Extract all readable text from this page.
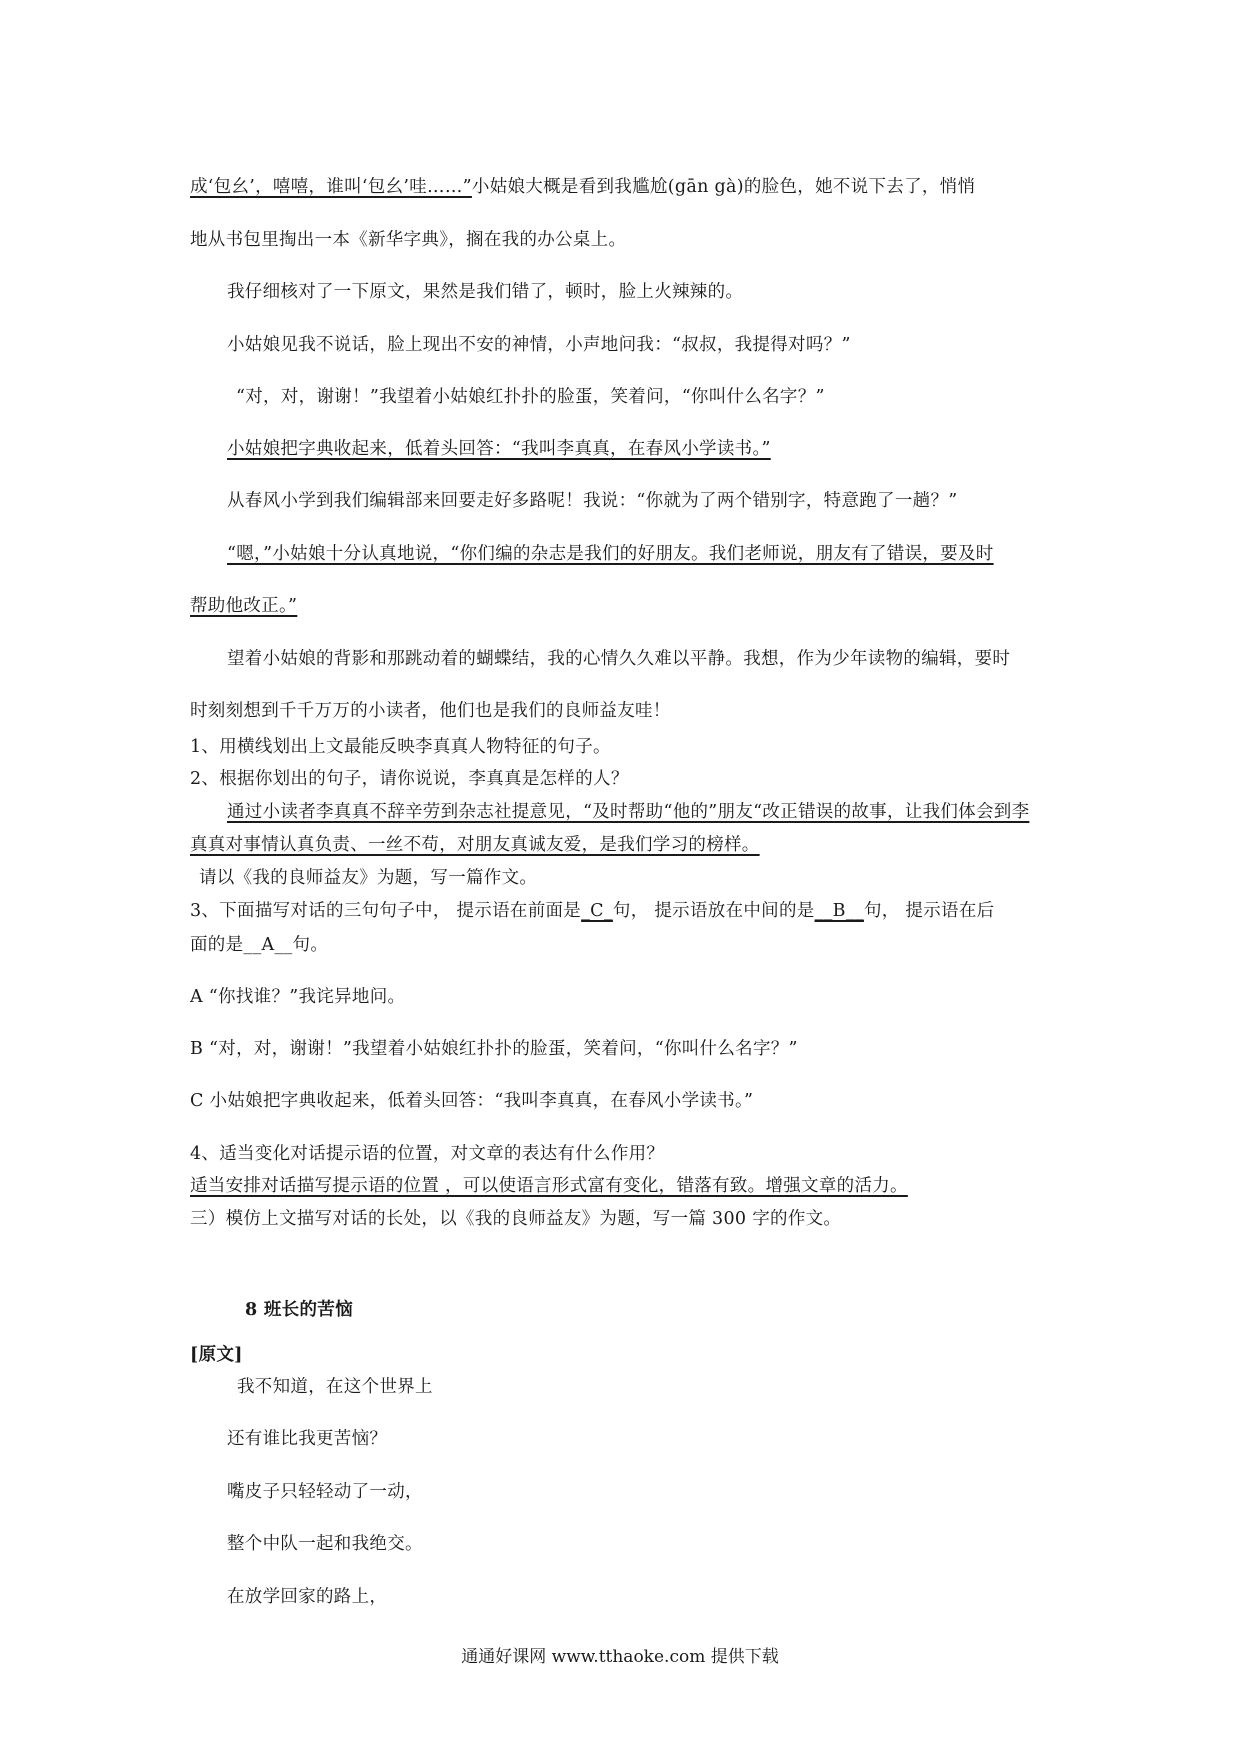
成‘包幺’，嘻嘻，谁叫‘包幺’哇……”小姑娘大概是看到我尴尬(gān gà)的脸色，她不说下去了，悄悄
地从书包里掏出一本《新华字典》，搁在我的办公桌上。
我仔细核对了一下原文，果然是我们错了，顿时，脸上火辣辣的。
小姑娘见我不说话，脸上现出不安的神情，小声地问我：“叔叔，我提得对吗？”
“对，对，谢谢！”我望着小姑娘红扑扑的脸蛋，笑着问，“你叫什么名字？”
小姑娘把字典收起来，低着头回答：“我叫李真真，在春风小学读书。”
从春风小学到我们编辑部来回要走好多路呢！我说：“你就为了两个错别字，特意跑了一趟？”
“嗯，”小姑娘十分认真地说，“你们编的杂志是我们的好朋友。我们老师说，朋友有了错误，要及时
帮助他改正。”
望着小姑娘的背影和那跳动着的蝴蝶结，我的心情久久难以平静。我想，作为少年读物的编辑，要时
时刻刻想到千千万万的小读者，他们也是我们的良师益友哇！
1、用横线划出上文最能反映李真真人物特征的句子。
2、根据你划出的句子，请你说说，李真真是怎样的人？
通过小读者李真真不辞辛劳到杂志社提意见，“及时帮助“他的”朋友“改正错误的故事，让我们体会到李
真真对事情认真负责、一丝不苟，对朋友真诚友爱，是我们学习的榜样。
请以《我的良师益友》为题，写一篇作文。
3、下面描写对话的三句句子中， 提示语在前面是_C_句， 提示语放在中间的是__B__句， 提示语在后
面的是__A__句。
A “你找谁？”我诧异地问。
B “对，对，谢谢！”我望着小姑娘红扑扑的脸蛋，笑着问，“你叫什么名字？”
C 小姑娘把字典收起来，低着头回答：“我叫李真真，在春风小学读书。”
4、适当变化对话提示语的位置，对文章的表达有什么作用？
适当安排对话描写提示语的位置 ，可以使语言形式富有变化，错落有致。增强文章的活力。
三）模仿上文描写对话的长处，以《我的良师益友》为题，写一篇 300 字的作文。
8 班长的苦恼
[原文]
我不知道，在这个世界上
还有谁比我更苦恼？
嘴皮子只轻轻动了一动，
整个中队一起和我绝交。
在放学回家的路上，
通通好课网 www.tthaoke.com 提供下载
